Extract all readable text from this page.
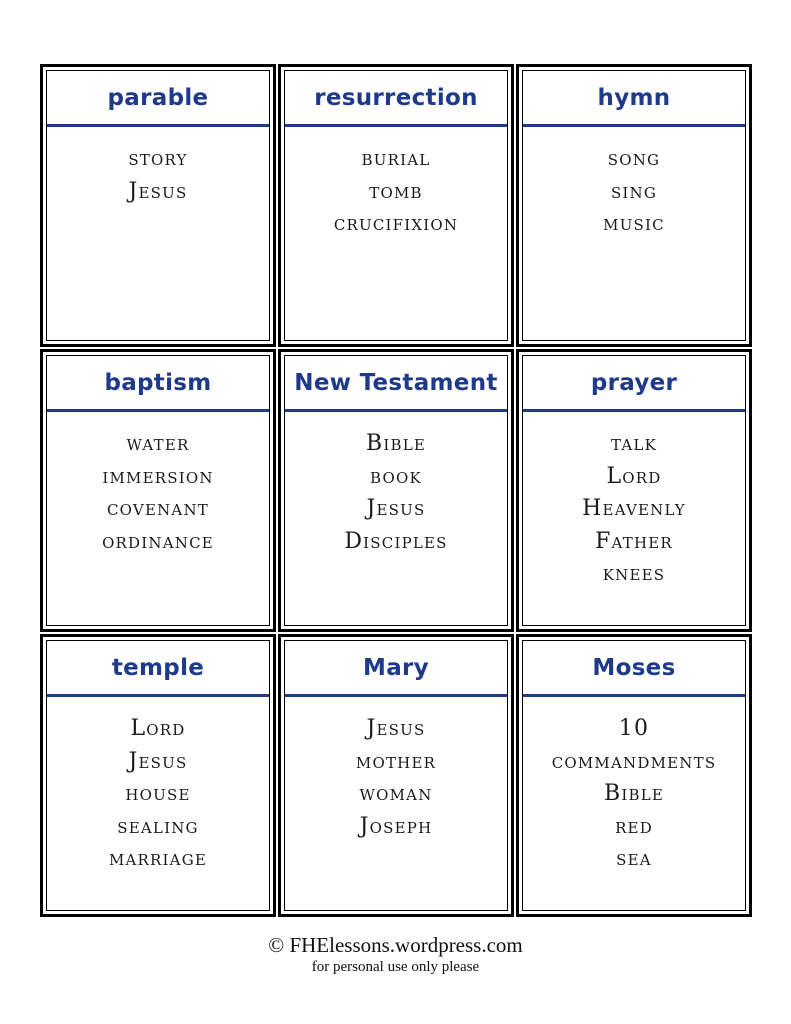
parable
story
Jesus
resurrection
burial
tomb
crucifixion
hymn
song
sing
music
baptism
water
immersion
covenant
ordinance
New Testament
Bible
book
Jesus
Disciples
prayer
talk
Lord
Heavenly
Father
knees
temple
Lord
Jesus
house
sealing
marriage
Mary
Jesus
mother
woman
Joseph
Moses
10
commandments
Bible
red
sea
© FHElessons.wordpress.com
for personal use only please
